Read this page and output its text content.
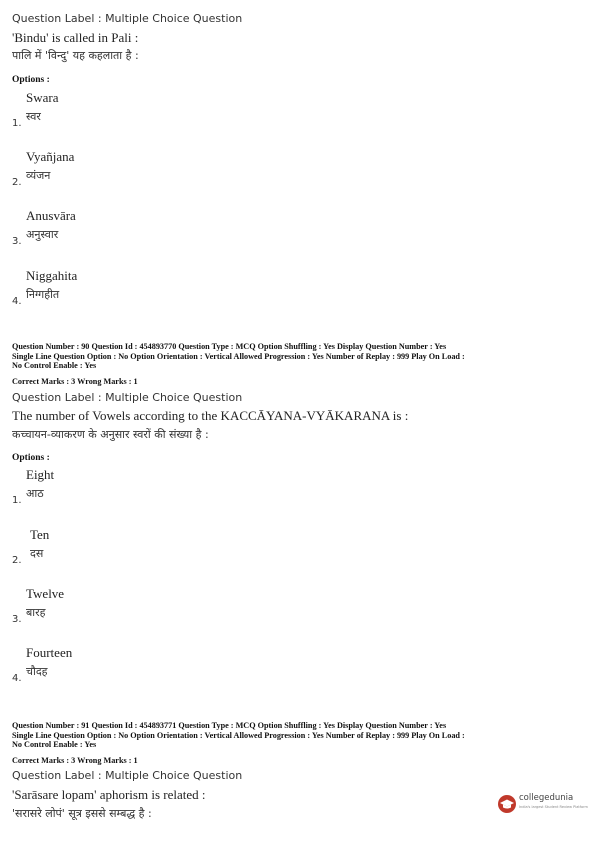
Question Label : Multiple Choice Question
'Bindu' is called in Pali :
पालि में 'विन्दु' यह कहलाता है :
Options :
Swara
स्वर
1.
Vyañjana
व्यंजन
2.
Anusvāra
अनुस्वार
3.
Niggahita
निग्गहीत
4.
Question Number : 90 Question Id : 454893770 Question Type : MCQ Option Shuffling : Yes Display Question Number : Yes
Single Line Question Option : No Option Orientation : Vertical Allowed Progression : Yes Number of Replay : 999 Play On Load :
No Control Enable : Yes
Correct Marks : 3 Wrong Marks : 1
Question Label : Multiple Choice Question
The number of Vowels according to the KACCĀYANA-VYĀKARANA is :
कच्चायन-व्याकरण के अनुसार स्वरों की संख्या है :
Options :
Eight
आठ
1.
Ten
दस
2.
Twelve
बारह
3.
Fourteen
चौदह
4.
Question Number : 91 Question Id : 454893771 Question Type : MCQ Option Shuffling : Yes Display Question Number : Yes
Single Line Question Option : No Option Orientation : Vertical Allowed Progression : Yes Number of Replay : 999 Play On Load :
No Control Enable : Yes
Correct Marks : 3 Wrong Marks : 1
Question Label : Multiple Choice Question
'Sarāsare lopam' aphorism is related :
'सरासरे लोपं' सूत्र इससे सम्बद्ध है :
collegedunia
India's largest Student Review Platform
